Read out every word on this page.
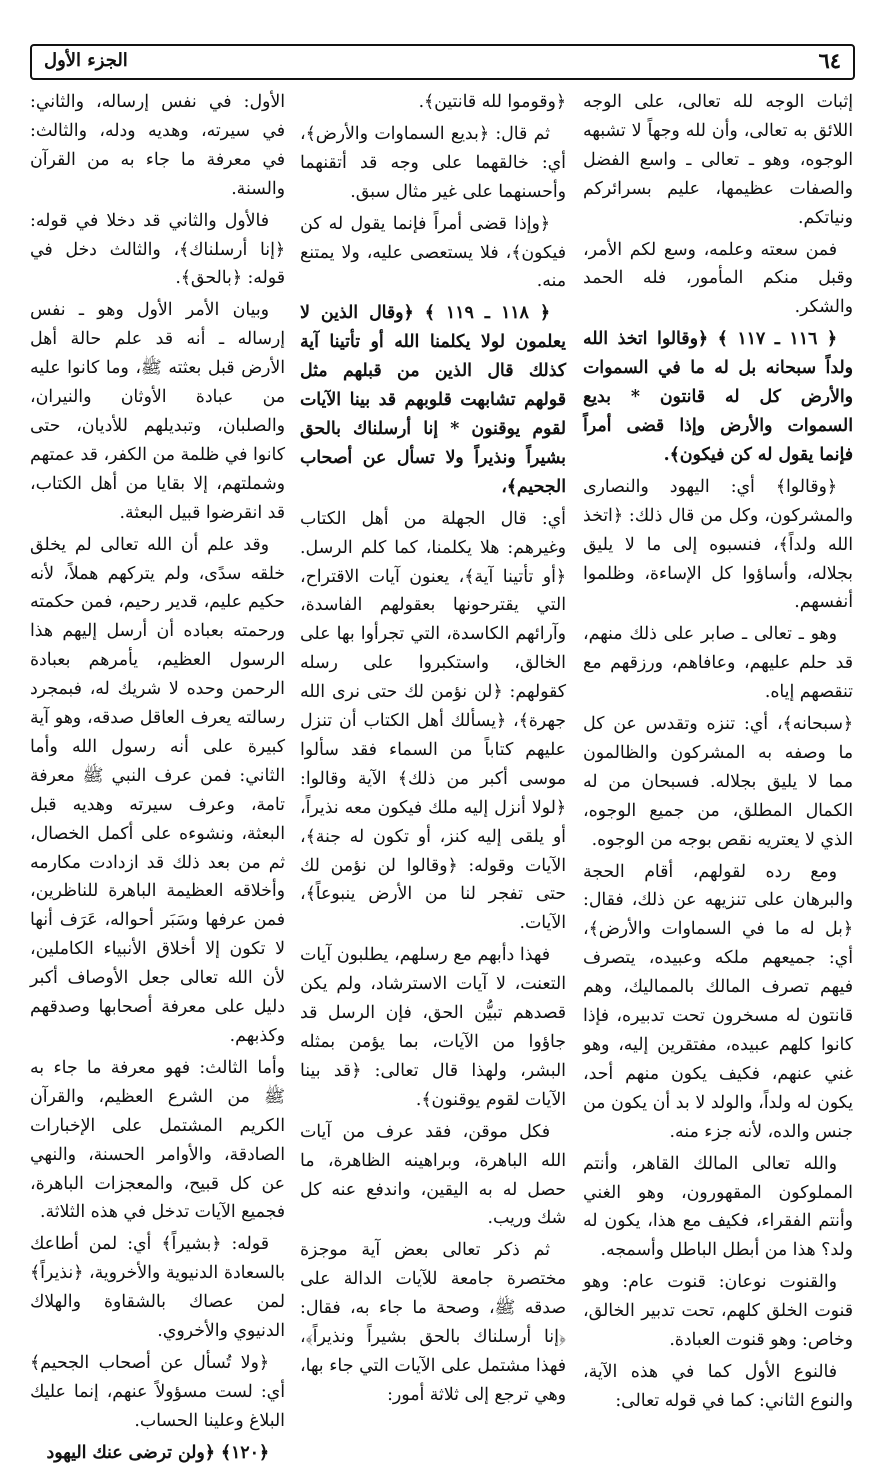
٦٤
الجزء الأول

إثبات الوجه لله تعالى، على الوجه اللائق به تعالى، وأن لله وجهاً لا تشبهه الوجوه، وهو ـ تعالى ـ واسع الفضل والصفات عظيمها، عليم بسرائركم ونياتكم.

فمن سعته وعلمه، وسع لكم الأمر، وقبل منكم المأمور، فله الحمد والشكر.

﴿ ١١٦ ـ ١١٧ ﴾ ﴿وقالوا اتخذ الله ولداً سبحانه بل له ما في السموات والأرض كل له قانتون * بديع السموات والأرض وإذا قضى أمراً فإنما يقول له كن فيكون﴾.

﴿وقالوا﴾ أي: اليهود والنصارى والمشركون، وكل من قال ذلك: ﴿اتخذ الله ولداً﴾، فنسبوه إلى ما لا يليق بجلاله، وأساؤوا كل الإساءة، وظلموا أنفسهم.

وهو ـ تعالى ـ صابر على ذلك منهم، قد حلم عليهم، وعافاهم، ورزقهم مع تنقصهم إياه.

﴿سبحانه﴾، أي: تنزه وتقدس عن كل ما وصفه به المشركون والظالمون مما لا يليق بجلاله. فسبحان من له الكمال المطلق، من جميع الوجوه، الذي لا يعتريه نقص بوجه من الوجوه.

ومع رده لقولهم، أقام الحجة والبرهان على تنزيهه عن ذلك، فقال: ﴿بل له ما في السماوات والأرض﴾، أي: جميعهم ملكه وعبيده، يتصرف فيهم تصرف المالك بالمماليك، وهم قانتون له مسخرون تحت تدبيره، فإذا كانوا كلهم عبيده، مفتقرين إليه، وهو غني عنهم، فكيف يكون منهم أحد، يكون له ولداً، والولد لا بد أن يكون من جنس والده، لأنه جزء منه.

والله تعالى المالك القاهر، وأنتم المملوكون المقهورون، وهو الغني وأنتم الفقراء، فكيف مع هذا، يكون له ولد؟ هذا من أبطل الباطل وأسمجه.

والقنوت نوعان: قنوت عام: وهو قنوت الخلق كلهم، تحت تدبير الخالق، وخاص: وهو قنوت العبادة.

فالنوع الأول كما في هذه الآية، والنوع الثاني: كما في قوله تعالى:

﴿وقوموا لله قانتين﴾.

ثم قال: ﴿بديع السماوات والأرض﴾، أي: خالقهما على وجه قد أتقنهما وأحسنهما على غير مثال سبق.

﴿وإذا قضى أمراً فإنما يقول له كن فيكون﴾، فلا يستعصى عليه، ولا يمتنع منه.

﴿ ١١٨ ـ ١١٩ ﴾ ﴿وقال الذين لا يعلمون لولا يكلمنا الله أو تأتينا آية كذلك قال الذين من قبلهم مثل قولهم تشابهت قلوبهم قد بينا الآيات لقوم يوقنون * إنا أرسلناك بالحق بشيراً ونذيراً ولا تسأل عن أصحاب الجحيم﴾،

أي: قال الجهلة من أهل الكتاب وغيرهم: هلا يكلمنا، كما كلم الرسل. ﴿أو تأتينا آية﴾، يعنون آيات الاقتراح، التي يقترحونها بعقولهم الفاسدة، وآرائهم الكاسدة، التي تجرأوا بها على الخالق، واستكبروا على رسله كقولهم: ﴿لن نؤمن لك حتى نرى الله جهرة﴾، ﴿يسألك أهل الكتاب أن تنزل عليهم كتاباً من السماء فقد سألوا موسى أكبر من ذلك﴾ الآية وقالوا: ﴿لولا أنزل إليه ملك فيكون معه نذيراً، أو يلقى إليه كنز، أو تكون له جنة﴾، الآيات وقوله: ﴿وقالوا لن نؤمن لك حتى تفجر لنا من الأرض ينبوعاً﴾، الآيات.

فهذا دأبهم مع رسلهم، يطلبون آيات التعنت، لا آيات الاسترشاد، ولم يكن قصدهم تبيُّن الحق، فإن الرسل قد جاؤوا من الآيات، بما يؤمن بمثله البشر، ولهذا قال تعالى: ﴿قد بينا الآيات لقوم يوقنون﴾.

فكل موقن، فقد عرف من آيات الله الباهرة، وبراهينه الظاهرة، ما حصل له به اليقين، واندفع عنه كل شك وريب.

ثم ذكر تعالى بعض آية موجزة مختصرة جامعة للآيات الدالة على صدقه ﷺ، وصحة ما جاء به، فقال: ﴿إنا أرسلناك بالحق بشيراً ونذيراً﴾، فهذا مشتمل على الآيات التي جاء بها، وهي ترجع إلى ثلاثة أمور:

الأول: في نفس إرساله، والثاني: في سيرته، وهديه ودله، والثالث: في معرفة ما جاء به من القرآن والسنة.

فالأول والثاني قد دخلا في قوله: ﴿إنا أرسلناك﴾، والثالث دخل في قوله: ﴿بالحق﴾.

وبيان الأمر الأول وهو ـ نفس إرساله ـ أنه قد علم حالة أهل الأرض قبل بعثته ﷺ، وما كانوا عليه من عبادة الأوثان والنيران، والصلبان، وتبديلهم للأديان، حتى كانوا في ظلمة من الكفر، قد عمتهم وشملتهم، إلا بقايا من أهل الكتاب، قد انقرضوا قبيل البعثة.

وقد علم أن الله تعالى لم يخلق خلقه سدًى، ولم يتركهم هملاً، لأنه حكيم عليم، قدير رحيم، فمن حكمته ورحمته بعباده أن أرسل إليهم هذا الرسول العظيم، يأمرهم بعبادة الرحمن وحده لا شريك له، فبمجرد رسالته يعرف العاقل صدقه، وهو آية كبيرة على أنه رسول الله وأما الثاني: فمن عرف النبي ﷺ معرفة تامة، وعرف سيرته وهديه قبل البعثة، ونشوءه على أكمل الخصال، ثم من بعد ذلك قد ازدادت مكارمه وأخلاقه العظيمة الباهرة للناظرين، فمن عرفها وسَبَر أحواله، عَرَف أنها لا تكون إلا أخلاق الأنبياء الكاملين، لأن الله تعالى جعل الأوصاف أكبر دليل على معرفة أصحابها وصدقهم وكذبهم.

وأما الثالث: فهو معرفة ما جاء به ﷺ من الشرع العظيم، والقرآن الكريم المشتمل على الإخبارات الصادقة، والأوامر الحسنة، والنهي عن كل قبيح، والمعجزات الباهرة، فجميع الآيات تدخل في هذه الثلاثة.

قوله: ﴿بشيراً﴾ أي: لمن أطاعك بالسعادة الدنيوية والأخروية، ﴿نذيراً﴾ لمن عصاك بالشقاوة والهلاك الدنيوي والأخروي.

﴿ولا تُسأل عن أصحاب الجحيم﴾ أي: لست مسؤولاً عنهم، إنما عليك البلاغ وعلينا الحساب.

﴿١٢٠﴾ ﴿ولن ترضى عنك اليهود
